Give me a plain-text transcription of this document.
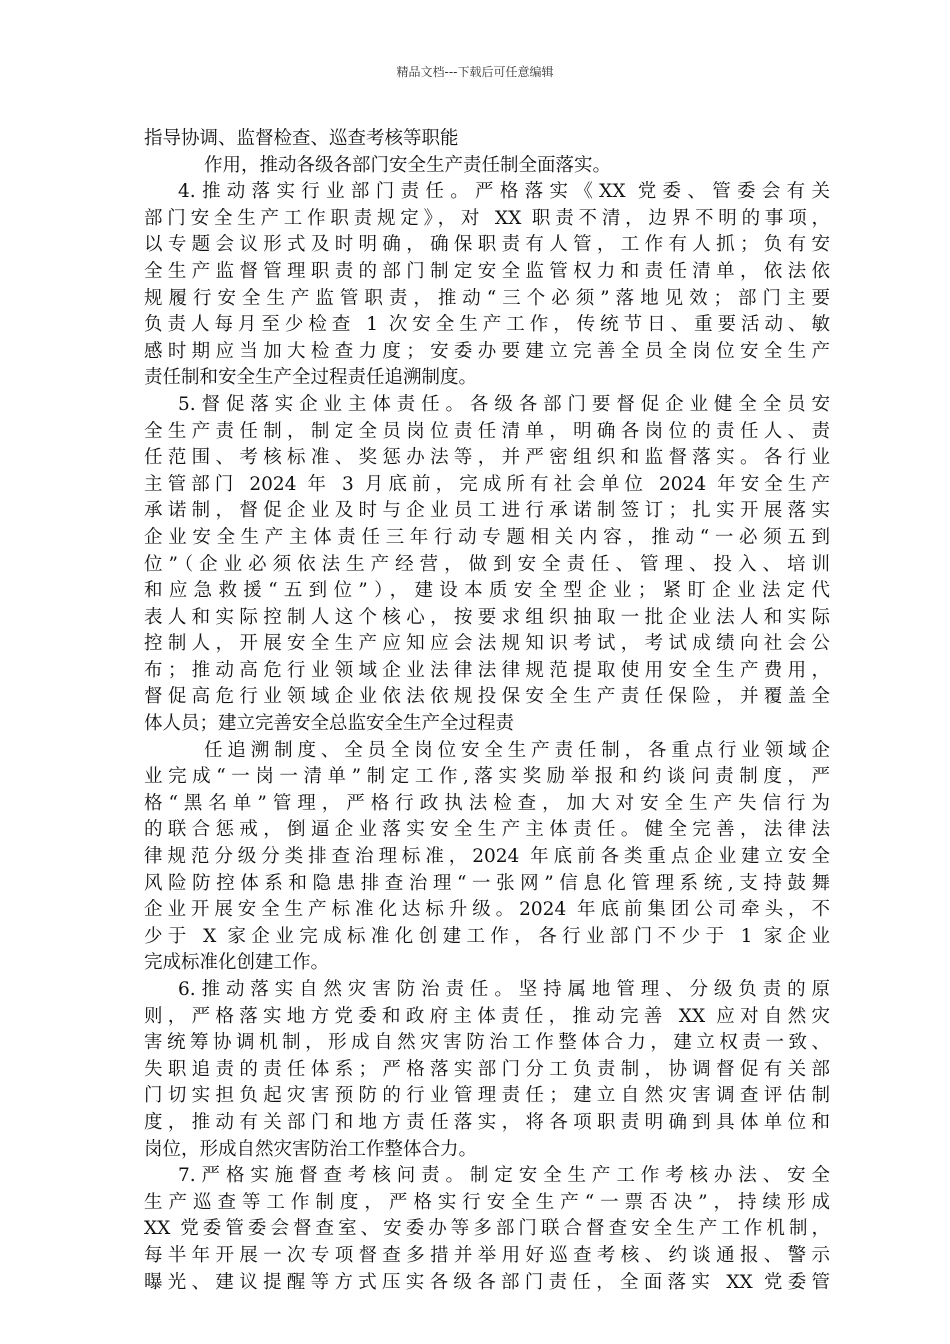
精品文档---下载后可任意编辑
指导协调、监督检查、巡查考核等职能
作用，推动各级各部门安全生产责任制全面落实。
4.推动落实行业部门责任。严格落实《XX 党委、管委会有关
部门安全生产工作职责规定》，对 XX 职责不清，边界不明的事项，
以专题会议形式及时明确，确保职责有人管，工作有人抓；负有安
全生产监督管理职责的部门制定安全监管权力和责任清单，依法依
规履行安全生产监管职责，推动“三个必须”落地见效；部门主要
负责人每月至少检查 1 次安全生产工作，传统节日、重要活动、敏
感时期应当加大检查力度；安委办要建立完善全员全岗位安全生产
责任制和安全生产全过程责任追溯制度。
5.督促落实企业主体责任。各级各部门要督促企业健全全员安
全生产责任制，制定全员岗位责任清单，明确各岗位的责任人、责
任范围、考核标准、奖惩办法等，并严密组织和监督落实。各行业
主管部门 2024 年 3 月底前，完成所有社会单位 2024 年安全生产
承诺制，督促企业及时与企业员工进行承诺制签订；扎实开展落实
企业安全生产主体责任三年行动专题相关内容，推动“一必须五到
位”（企业必须依法生产经营，做到安全责任、管理、投入、培训
和应急救援“五到位”），建设本质安全型企业；紧盯企业法定代
表人和实际控制人这个核心，按要求组织抽取一批企业法人和实际
控制人，开展安全生产应知应会法规知识考试，考试成绩向社会公
布；推动高危行业领域企业法律法律规范提取使用安全生产费用，
督促高危行业领域企业依法依规投保安全生产责任保险，并覆盖全
体人员；建立完善安全总监安全生产全过程责
任追溯制度、全员全岗位安全生产责任制，各重点行业领域企
业完成“一岗一清单”制定工作,落实奖励举报和约谈问责制度，严
格“黑名单”管理，严格行政执法检查，加大对安全生产失信行为
的联合惩戒，倒逼企业落实安全生产主体责任。健全完善，法律法
律规范分级分类排查治理标准，2024 年底前各类重点企业建立安全
风险防控体系和隐患排查治理“一张网”信息化管理系统,支持鼓舞
企业开展安全生产标准化达标升级。2024 年底前集团公司牵头，不
少于 X 家企业完成标准化创建工作，各行业部门不少于 1 家企业
完成标准化创建工作。
6.推动落实自然灾害防治责任。坚持属地管理、分级负责的原
则，严格落实地方党委和政府主体责任，推动完善 XX 应对自然灾
害统筹协调机制，形成自然灾害防治工作整体合力，建立权责一致、
失职追责的责任体系；严格落实部门分工负责制，协调督促有关部
门切实担负起灾害预防的行业管理责任；建立自然灾害调查评估制
度，推动有关部门和地方责任落实，将各项职责明确到具体单位和
岗位，形成自然灾害防治工作整体合力。
7.严格实施督查考核问责。制定安全生产工作考核办法、安全
生产巡查等工作制度，严格实行安全生产“一票否决”，持续形成
XX 党委管委会督查室、安委办等多部门联合督查安全生产工作机制，
每半年开展一次专项督查多措并举用好巡查考核、约谈通报、警示
曝光、建议提醒等方式压实各级各部门责任，全面落实 XX 党委管
